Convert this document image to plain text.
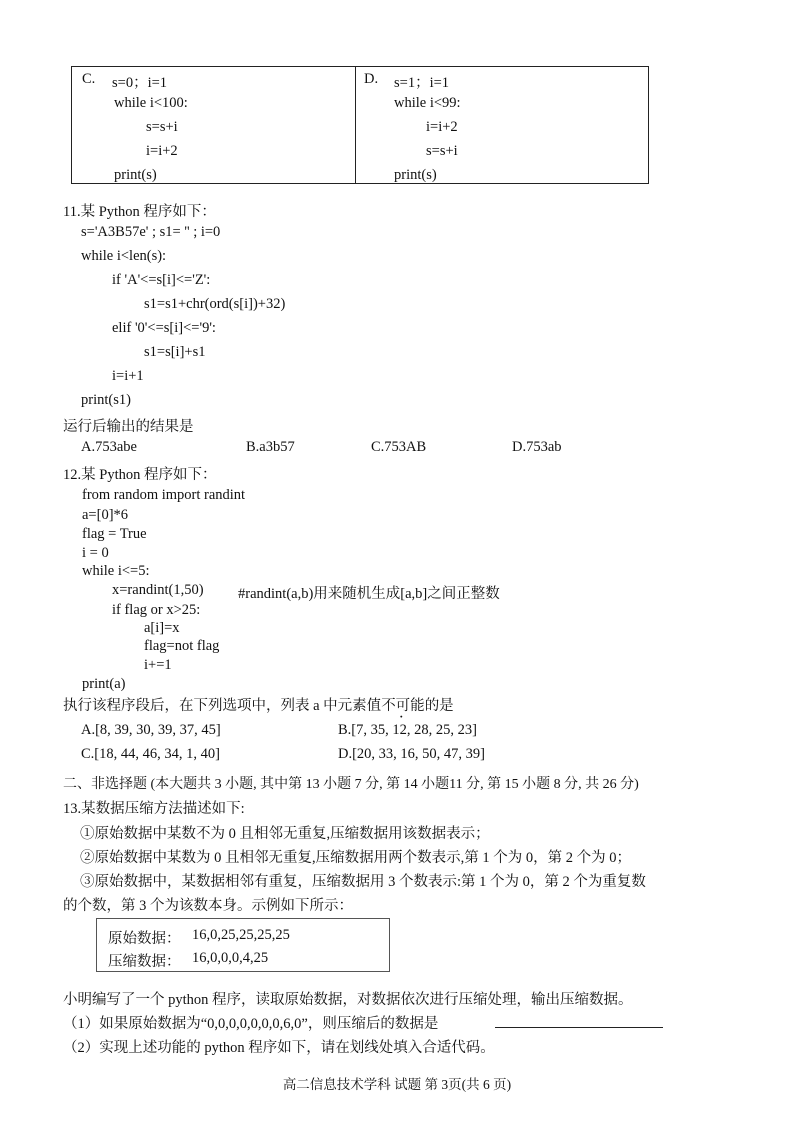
C. s=0；i=1
while i<100:
s=s+i
i=i+2
print(s)
D. s=1；i=1
while i<99:
i=i+2
s=s+i
print(s)
11.某 Python 程序如下：
s='A3B57e' ; s1= '' ; i=0
while i<len(s):
if 'A'<=s[i]<='Z':
s1=s1+chr(ord(s[i])+32)
elif '0'<=s[i]<='9':
s1=s[i]+s1
i=i+1
print(s1)
运行后输出的结果是
A.753abe	B.a3b57	C.753AB	D.753ab
12.某 Python 程序如下：
from random import randint
a=[0]*6
flag = True
i = 0
while i<=5:
x=randint(1,50) #randint(a,b)用来随机生成[a,b]之间正整数
if flag or x>25:
a[i]=x
flag=not flag
i+=1
print(a)
执行该程序段后，在下列选项中，列表 a 中元素值不可能的是
A.[8, 39, 30, 39, 37, 45]	B.[7, 35, 12, 28, 25, 23]
C.[18, 44, 46, 34, 1, 40]	D.[20, 33, 16, 50, 47, 39]
二、非选择题 (本大题共 3 小题, 其中第 13 小题 7 分, 第 14 小题11 分, 第 15 小题 8 分, 共 26 分)
13.某数据压缩方法描述如下:
①原始数据中某数不为 0 且相邻无重复,压缩数据用该数据表示；
②原始数据中某数为 0 且相邻无重复,压缩数据用两个数表示,第 1 个为 0，第 2 个为 0；
③原始数据中，某数据相邻有重复，压缩数据用 3 个数表示:第 1 个为 0，第 2 个为重复数
的个数，第 3 个为该数本身。示例如下所示：
原始数据： 16,0,25,25,25,25
压缩数据： 16,0,0,0,4,25
小明编写了一个 python 程序，读取原始数据，对数据依次进行压缩处理，输出压缩数据。
（1）如果原始数据为“0,0,0,0,0,0,0,6,0”，则压缩后的数据是
（2）实现上述功能的 python 程序如下，请在划线处填入合适代码。
高二信息技术学科 试题 第 3页(共 6 页)
